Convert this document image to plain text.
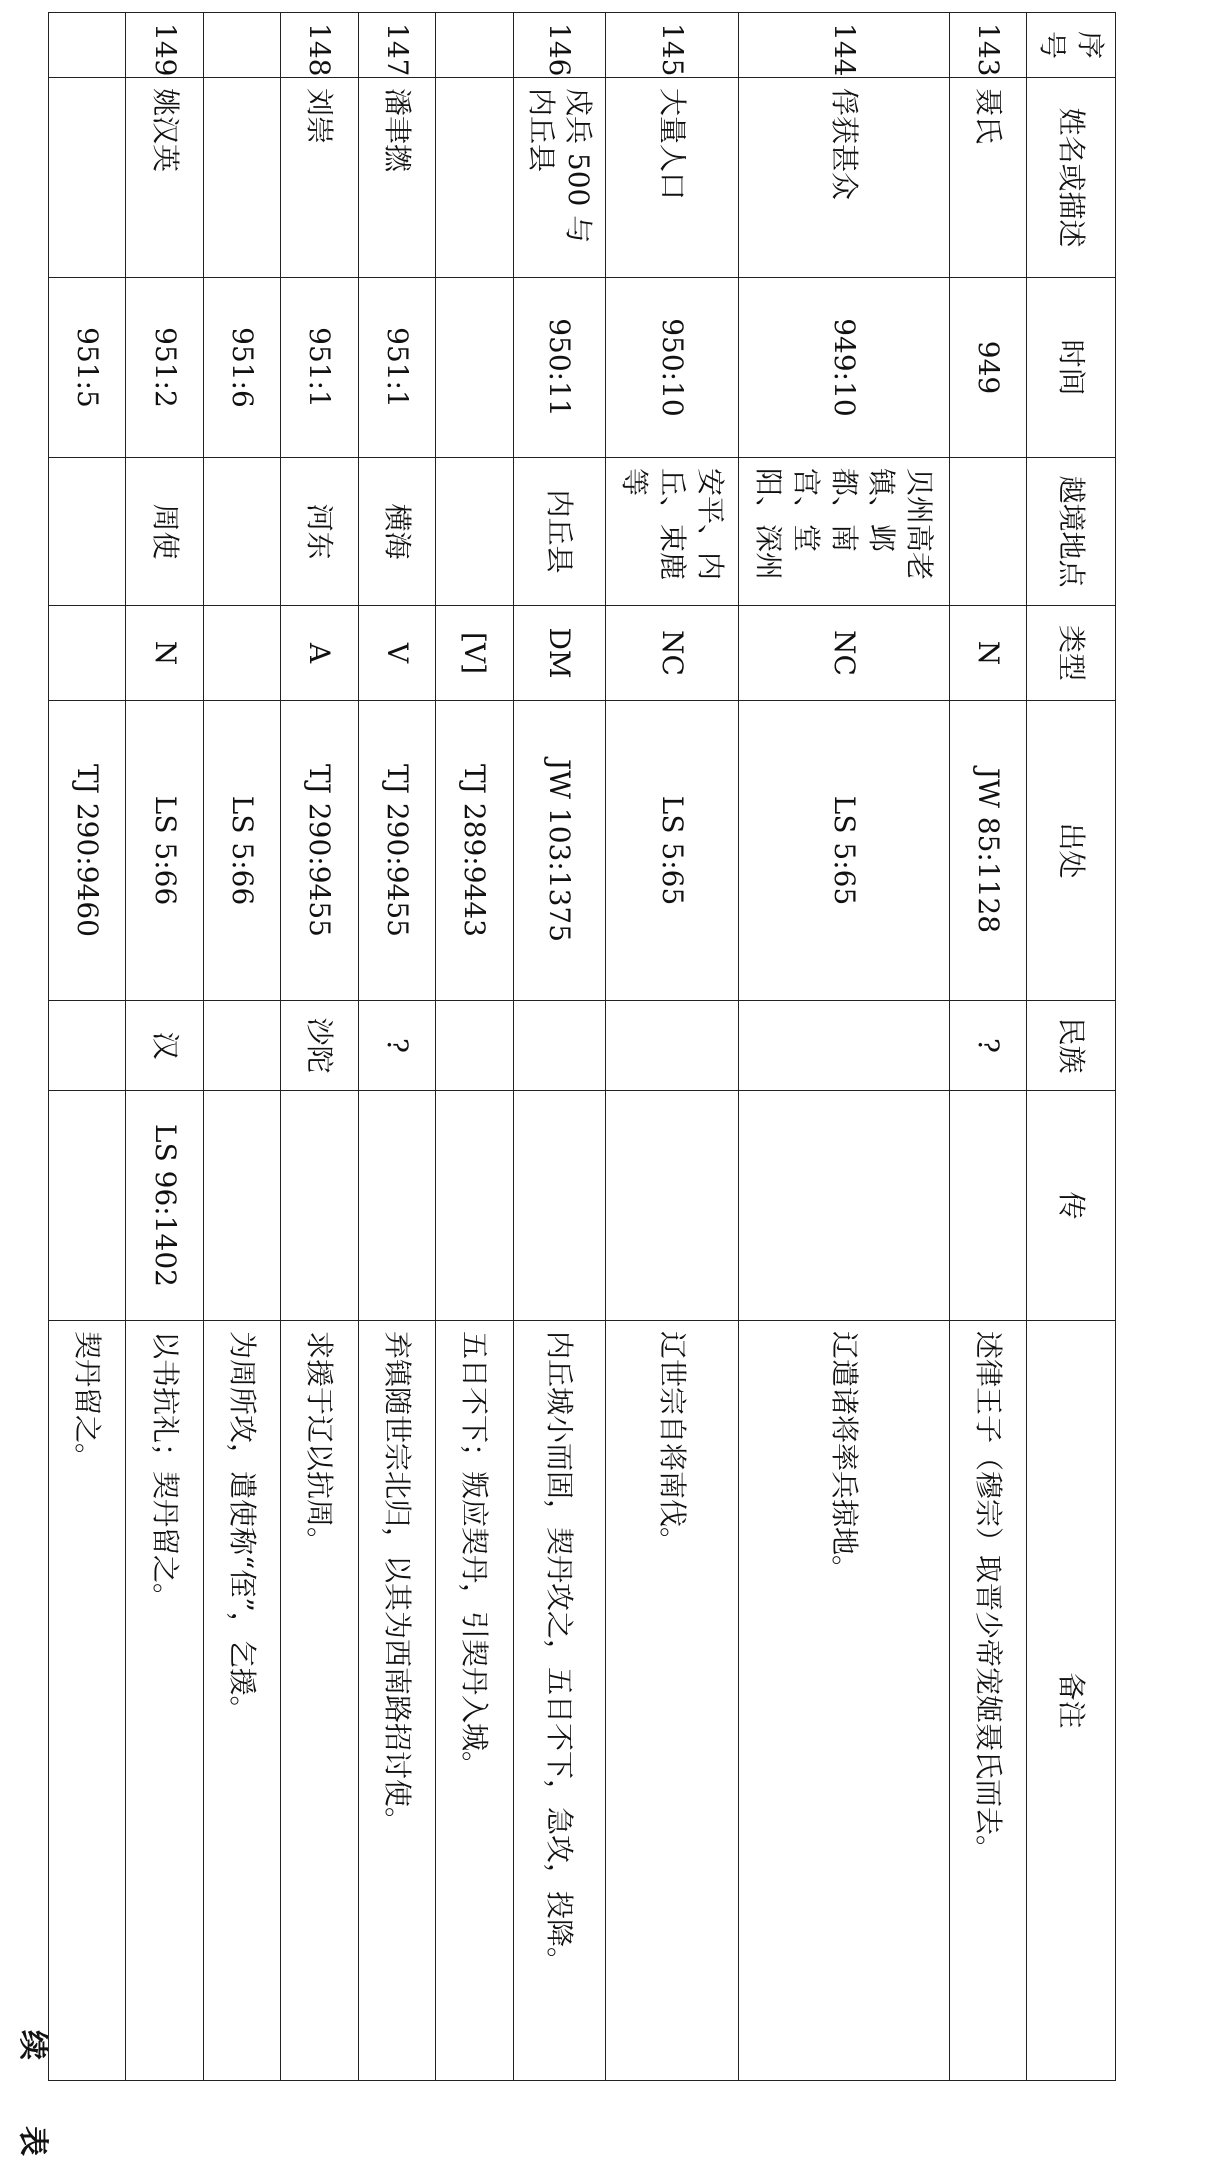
续　表
序号	姓名或描述	时间	越境地点	类型	出处	民族	传	备注
143	聂氏	949		N	JW 85:1128	?		述律王子（穆宗）取晋少帝宠姬聂氏而去。
144	俘获甚众	949:10	贝州高老镇、邺都、南宫、堂阳、深州	NC	LS 5:65			辽遣诸将率兵掠地。
145	大量人口	950:10	安平、内丘、束鹿等	NC	LS 5:65			辽世宗自将南伐。
146	戍兵 500 与内丘县	950:11	内丘县	DM	JW 103:1375			内丘城小而固，契丹攻之，五日不下，急攻，投降。
				[V]	TJ 289:9443			五日不下；叛应契丹，引契丹入城。
147	潘聿撚	951:1	横海	V	TJ 290:9455	?		弃镇随世宗北归，以其为西南路招讨使。
148	刘崇	951:1	河东	A	TJ 290:9455	沙陀		求援于辽以抗周。
		951:6			LS 5:66			为周所攻，遣使称“侄”，乞援。
149	姚汉英	951:2	周使	N	LS 5:66	汉	LS 96:1402	以书抗礼；契丹留之。
		951:5			TJ 290:9460			契丹留之。
